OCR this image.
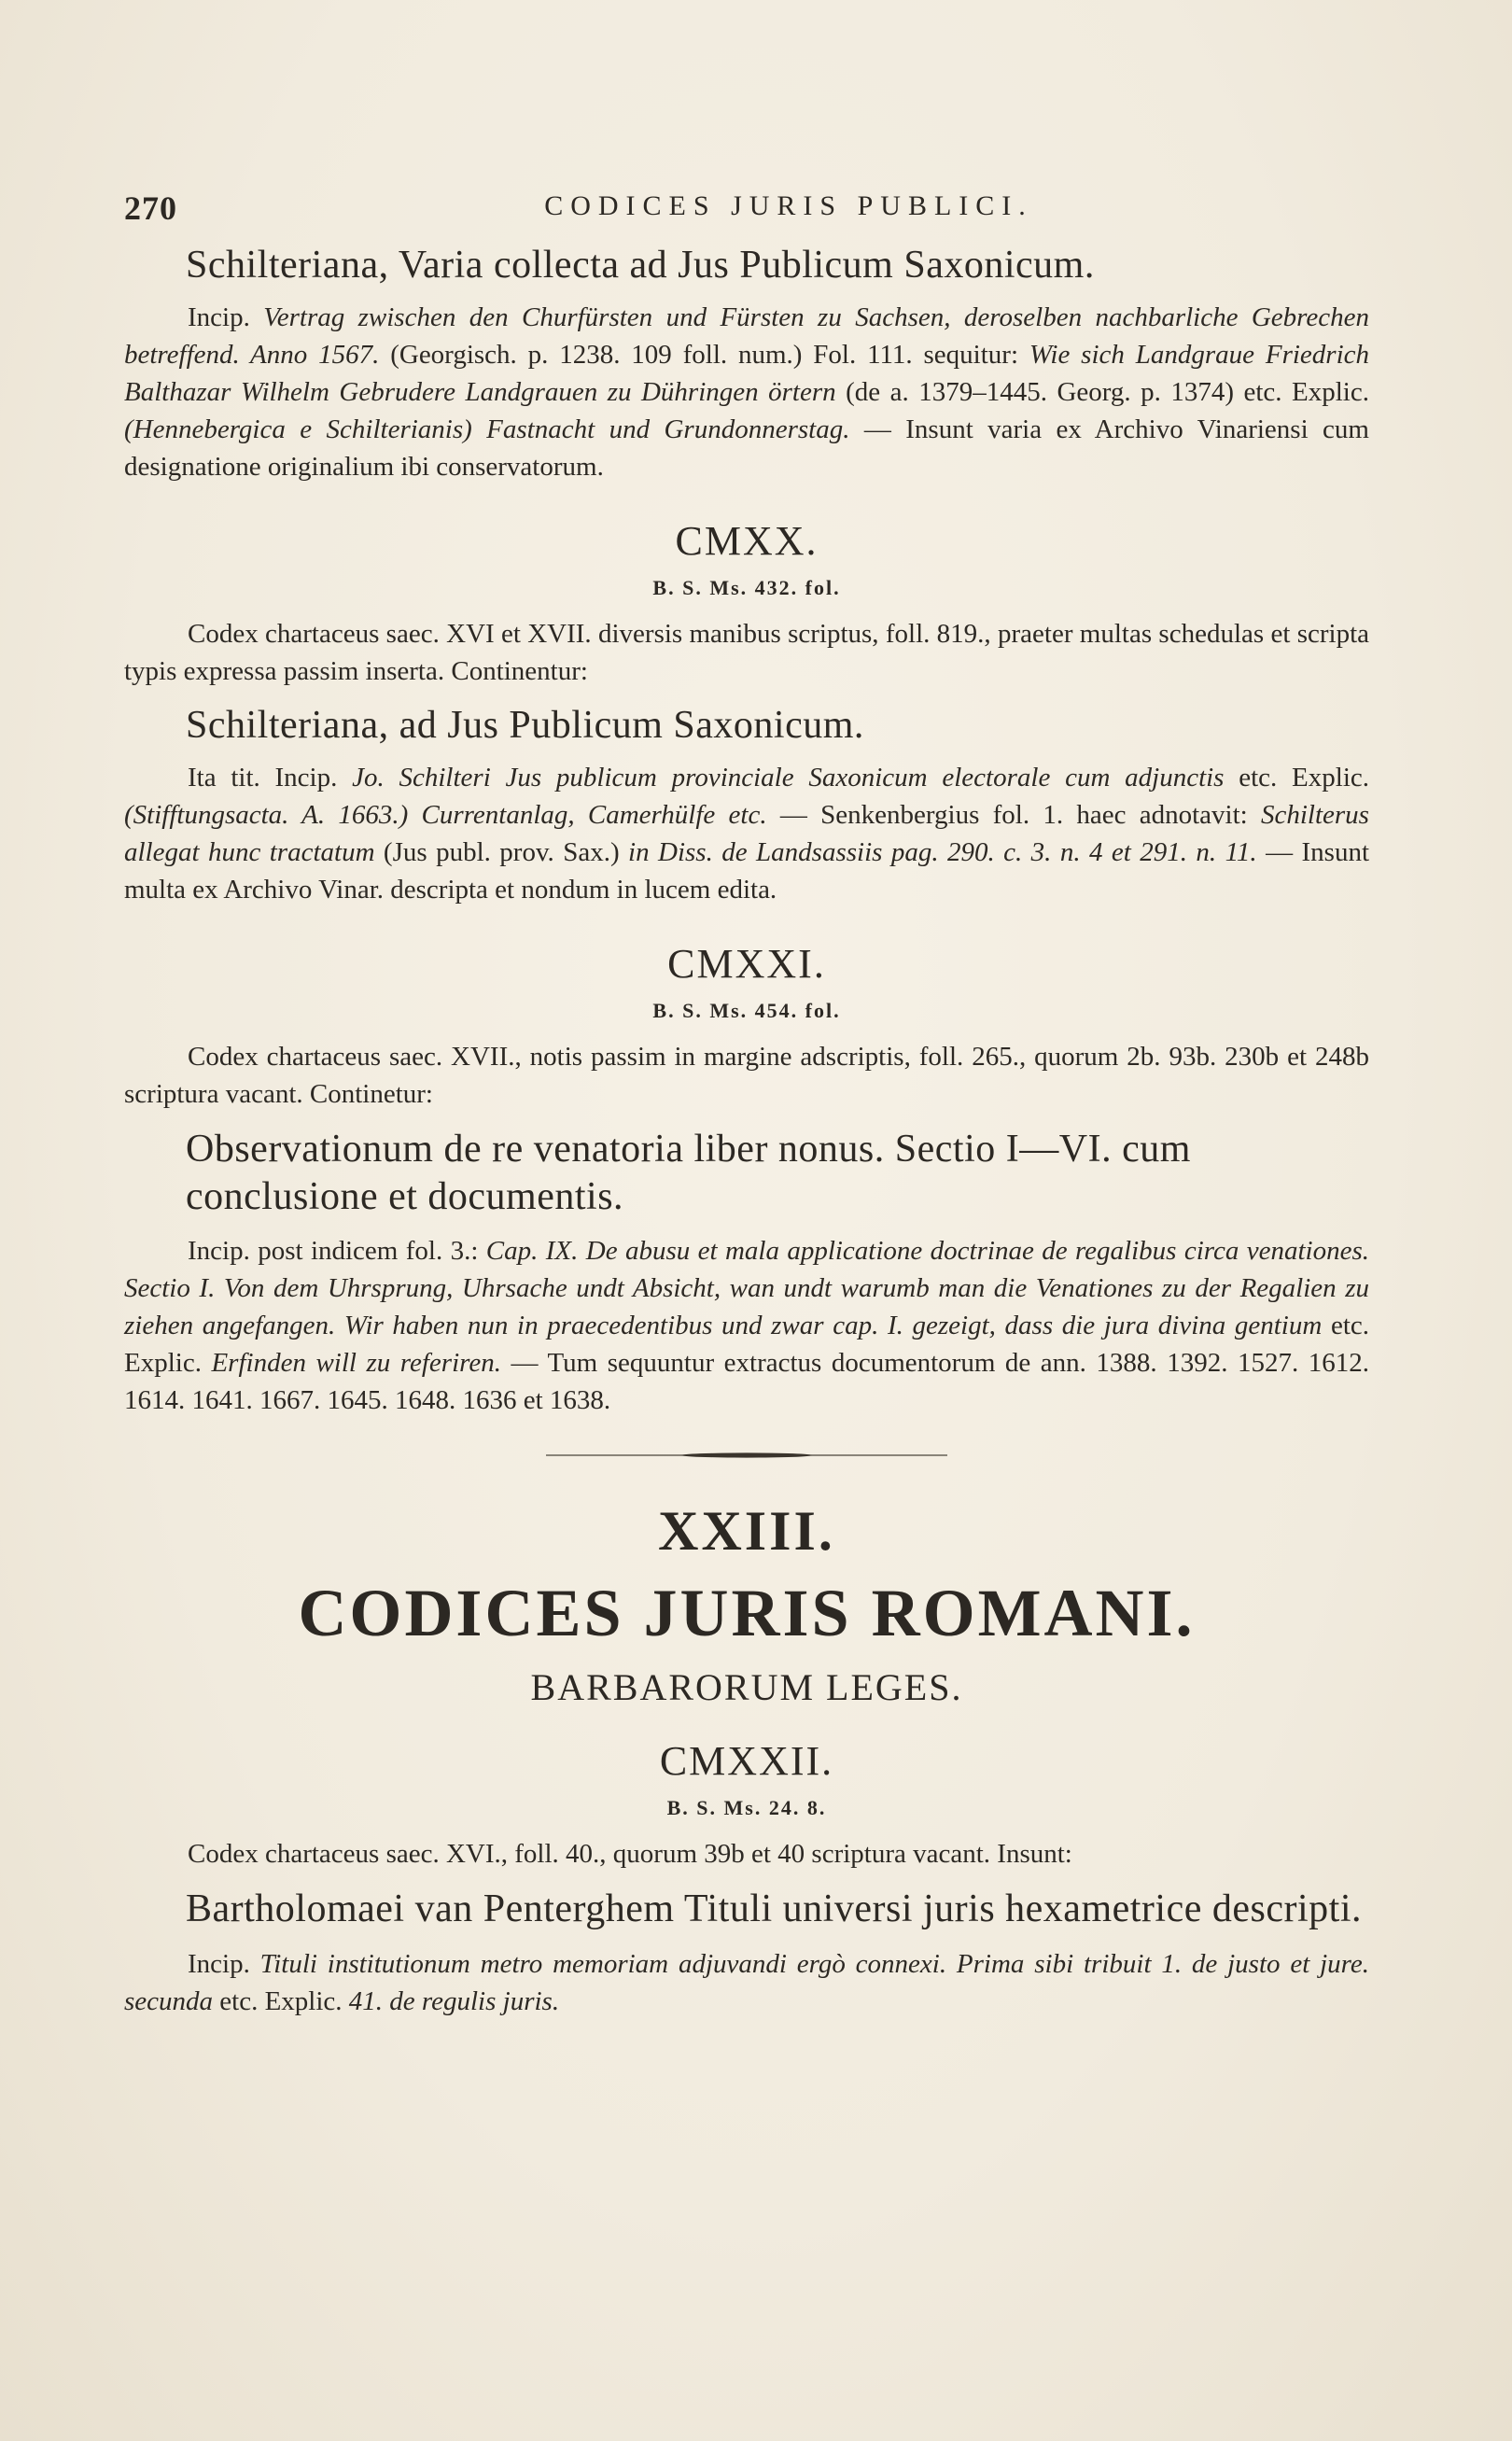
270	CODICES JURIS PUBLICI.
Schilteriana, Varia collecta ad Jus Publicum Saxonicum.

Incip. Vertrag zwischen den Churfürsten und Fürsten zu Sachsen, deroselben nachbarliche Gebrechen betreffend. Anno 1567. (Georgisch. p. 1238. 109 foll. num.) Fol. 111. sequitur: Wie sich Landgraue Friedrich Balthazar Wilhelm Gebrudere Landgrauen zu Dühringen örtern (de a. 1379–1445. Georg. p. 1374) etc. Explic. (Hennebergica e Schilterianis) Fastnacht und Grundonnerstag. — Insunt varia ex Archivo Vinariensi cum designatione originalium ibi conservatorum.

CMXX.
B. S. Ms. 432. fol.

Codex chartaceus saec. XVI et XVII. diversis manibus scriptus, foll. 819., praeter multas schedulas et scripta typis expressa passim inserta. Continentur:

Schilteriana, ad Jus Publicum Saxonicum.

Ita tit. Incip. Jo. Schilteri Jus publicum provinciale Saxonicum electorale cum adjunctis etc. Explic. (Stifftungsacta. A. 1663.) Currentanlag, Camerhülfe etc. — Senkenbergius fol. 1. haec adnotavit: Schilterus allegat hunc tractatum (Jus publ. prov. Sax.) in Diss. de Landsassiis pag. 290. c. 3. n. 4 et 291. n. 11. — Insunt multa ex Archivo Vinar. descripta et nondum in lucem edita.

CMXXI.
B. S. Ms. 454. fol.

Codex chartaceus saec. XVII., notis passim in margine adscriptis, foll. 265., quorum 2b. 93b. 230b et 248b scriptura vacant. Continetur:

Observationum de re venatoria liber nonus. Sectio I—VI. cum conclusione et documentis.

Incip. post indicem fol. 3.: Cap. IX. De abusu et mala applicatione doctrinae de regalibus circa venationes. Sectio I. Von dem Uhrsprung, Uhrsache undt Absicht, wan undt warumb man die Venationes zu der Regalien zu ziehen angefangen. Wir haben nun in praecedentibus und zwar cap. I. gezeigt, dass die jura divina gentium etc. Explic. Erfinden will zu referiren. — Tum sequuntur extractus documentorum de ann. 1388. 1392. 1527. 1612. 1614. 1641. 1667. 1645. 1648. 1636 et 1638.

XXIII.
CODICES JURIS ROMANI.
BARBARORUM LEGES.
CMXXII.
B. S. Ms. 24. 8.

Codex chartaceus saec. XVI., foll. 40., quorum 39b et 40 scriptura vacant. Insunt:

Bartholomaei van Penterghem Tituli universi juris hexametrice descripti.

Incip. Tituli institutionum metro memoriam adjuvandi ergò connexi. Prima sibi tribuit 1. de justo et jure. secunda etc. Explic. 41. de regulis juris.
